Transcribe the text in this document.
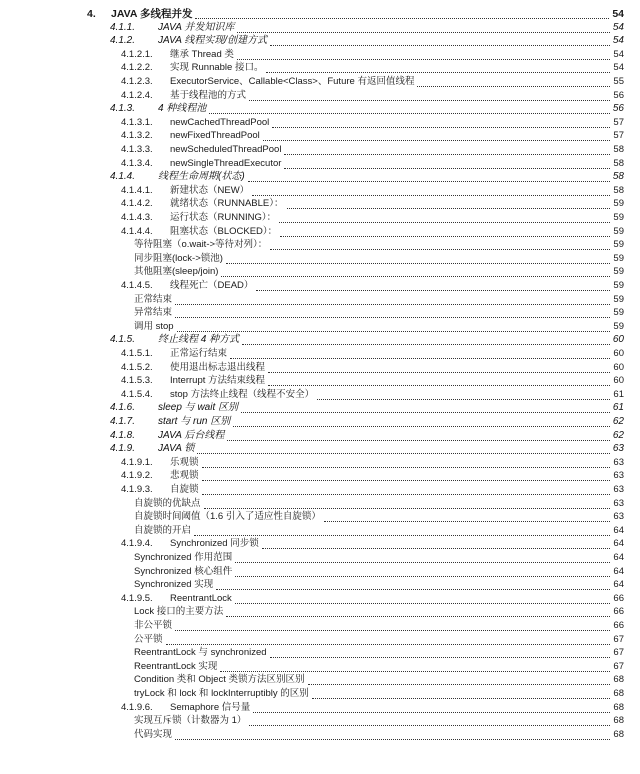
4. JAVA 多线程并发	54
4.1.1. JAVA 并发知识库	54
4.1.2. JAVA 线程实现/创建方式	54
4.1.2.1. 继承 Thread 类	54
4.1.2.2. 实现 Runnable 接口。	54
4.1.2.3. ExecutorService、Callable<Class>、Future 有返回值线程	55
4.1.2.4. 基于线程池的方式	56
4.1.3. 4 种线程池	56
4.1.3.1. newCachedThreadPool	57
4.1.3.2. newFixedThreadPool	57
4.1.3.3. newScheduledThreadPool	58
4.1.3.4. newSingleThreadExecutor	58
4.1.4. 线程生命周期(状态)	58
4.1.4.1. 新建状态（NEW）	58
4.1.4.2. 就绪状态（RUNNABLE）：	59
4.1.4.3. 运行状态（RUNNING）：	59
4.1.4.4. 阻塞状态（BLOCKED）：	59
等待阻塞（o.wait->等待对列）：	59
同步阻塞(lock->锁池)	59
其他阻塞(sleep/join)	59
4.1.4.5. 线程死亡（DEAD）	59
正常结束	59
异常结束	59
调用 stop	59
4.1.5. 终止线程 4 种方式	60
4.1.5.1. 正常运行结束	60
4.1.5.2. 使用退出标志退出线程	60
4.1.5.3. Interrupt 方法结束线程	60
4.1.5.4. stop 方法终止线程（线程不安全）	61
4.1.6. sleep 与 wait 区别	61
4.1.7. start 与 run 区别	62
4.1.8. JAVA 后台线程	62
4.1.9. JAVA 锁	63
4.1.9.1. 乐观锁	63
4.1.9.2. 悲观锁	63
4.1.9.3. 自旋锁	63
自旋锁的优缺点	63
自旋锁时间阈值（1.6 引入了适应性自旋锁）	63
自旋锁的开启	64
4.1.9.4. Synchronized 同步锁	64
Synchronized 作用范围	64
Synchronized 核心组件	64
Synchronized 实现	64
4.1.9.5. ReentrantLock	66
Lock 接口的主要方法	66
非公平锁	66
公平锁	67
ReentrantLock 与 synchronized	67
ReentrantLock 实现	67
Condition 类和 Object 类锁方法区别区别	68
tryLock 和 lock 和 lockInterruptibly 的区别	68
4.1.9.6. Semaphore 信号量	68
实现互斥锁（计数器为 1）	68
代码实现	68
